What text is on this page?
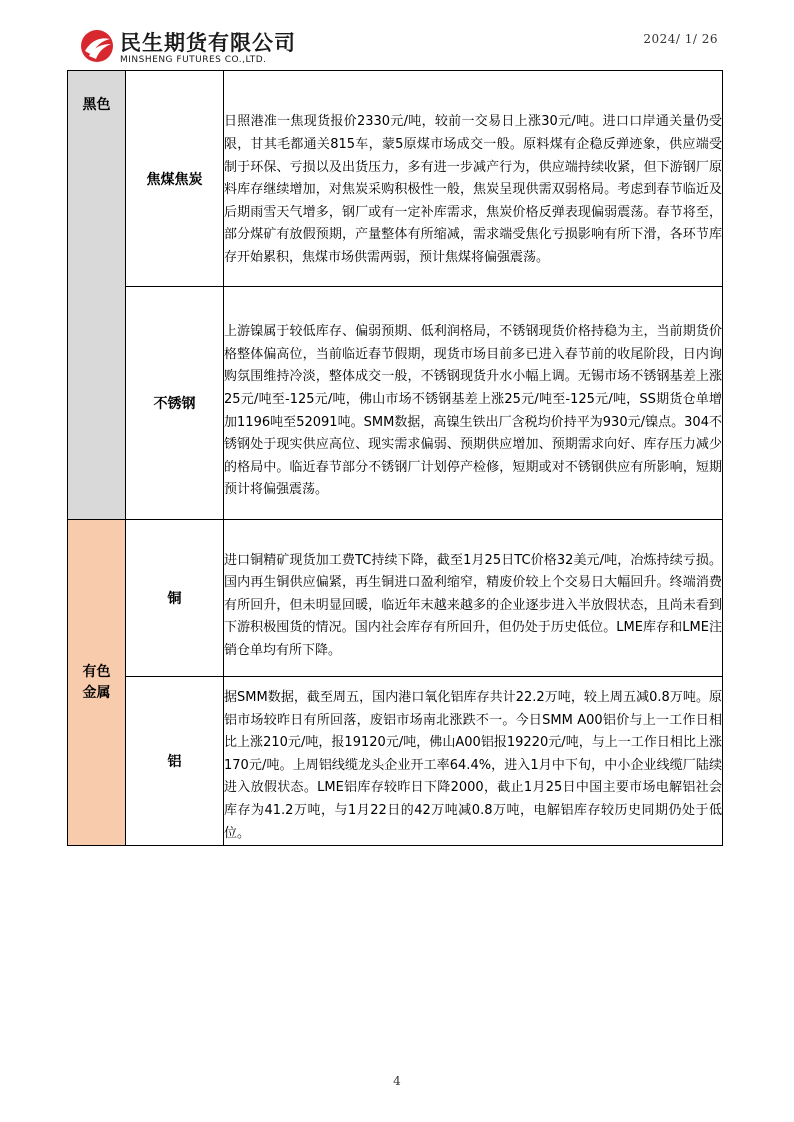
民生期货有限公司
MINSHENG FUTURES CO.,LTD.
2024/ 1/ 26
黑色	焦煤焦炭	日照港准一焦现货报价2330元/吨，较前一交易日上涨30元/吨。进口口岸通关量仍受限，甘其毛都通关815车，蒙5原煤市场成交一般。原料煤有企稳反弹迹象，供应端受制于环保、亏损以及出货压力，多有进一步减产行为，供应端持续收紧，但下游钢厂原料库存继续增加，对焦炭采购积极性一般，焦炭呈现供需双弱格局。考虑到春节临近及后期雨雪天气增多，钢厂或有一定补库需求，焦炭价格反弹表现偏弱震荡。春节将至，部分煤矿有放假预期，产量整体有所缩减，需求端受焦化亏损影响有所下滑，各环节库存开始累积，焦煤市场供需两弱，预计焦煤将偏强震荡。
	不锈钢	上游镍属于较低库存、偏弱预期、低利润格局，不锈钢现货价格持稳为主，当前期货价格整体偏高位，当前临近春节假期，现货市场目前多已进入春节前的收尾阶段，日内询购氛围维持冷淡，整体成交一般，不锈钢现货升水小幅上调。无锡市场不锈钢基差上涨25元/吨至-125元/吨，佛山市场不锈钢基差上涨25元/吨至-125元/吨，SS期货仓单增加1196吨至52091吨。SMM数据，高镍生铁出厂含税均价持平为930元/镍点。304不锈钢处于现实供应高位、现实需求偏弱、预期供应增加、预期需求向好、库存压力减少的格局中。临近春节部分不锈钢厂计划停产检修，短期或对不锈钢供应有所影响，短期预计将偏强震荡。

有色
金属	铜	进口铜精矿现货加工费TC持续下降，截至1月25日TC价格32美元/吨，冶炼持续亏损。国内再生铜供应偏紧，再生铜进口盈利缩窄，精废价较上个交易日大幅回升。终端消费有所回升，但未明显回暖，临近年末越来越多的企业逐步进入半放假状态，且尚未看到下游积极囤货的情况。国内社会库存有所回升，但仍处于历史低位。LME库存和LME注销仓单均有所下降。
	铝	据SMM数据，截至周五，国内港口氧化铝库存共计22.2万吨，较上周五减0.8万吨。原铝市场较昨日有所回落，废铝市场南北涨跌不一。今日SMM A00铝价与上一工作日相比上涨210元/吨，报19120元/吨，佛山A00铝报19220元/吨，与上一工作日相比上涨170元/吨。上周铝线缆龙头企业开工率64.4%，进入1月中下旬，中小企业线缆厂陆续进入放假状态。LME铝库存较昨日下降2000，截止1月25日中国主要市场电解铝社会库存为41.2万吨，与1月22日的42万吨减0.8万吨，电解铝库存较历史同期仍处于低位。
4
